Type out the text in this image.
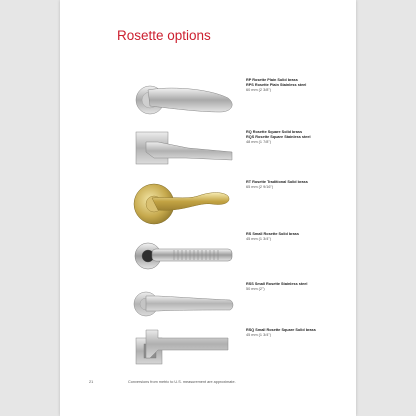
Rosette options
RP Rosette Plain Solid brass
RPS Rosette Plain Stainless steel
60 mm (2 3/8")
RQ Rosette Square Solid brass
RQS Rosette Square Stainless steel
48 mm (1 7/8")
RT Rosette Traditional Solid brass
65 mm (2 9/16")
RS Small Rosette Solid brass
45 mm (1 3/4")
RSS Small Rosette Stainless steel
50 mm (2")
RSQ Small Rosette Square Solid brass
45 mm (1 3/4")
21	Conversions from metric to U.S. measurement are approximate.
